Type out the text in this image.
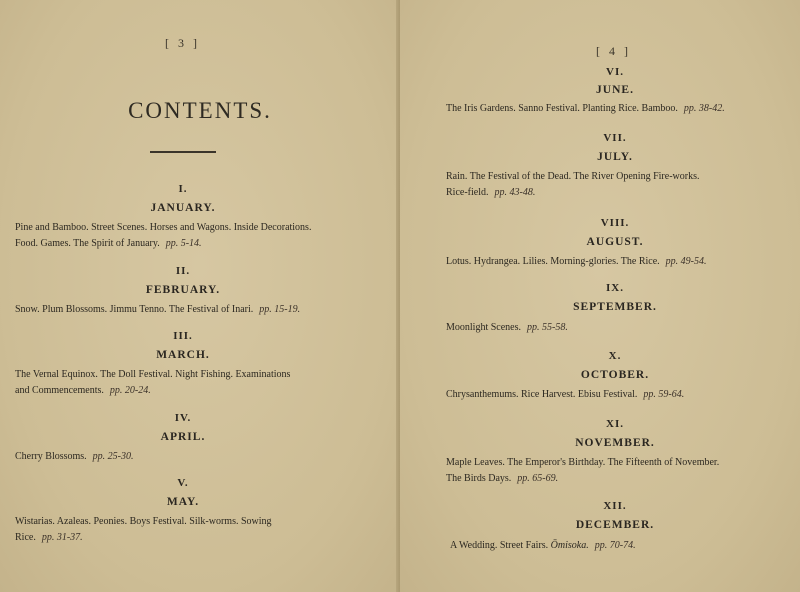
[ 3 ]
CONTENTS.
I.
JANUARY.
Pine and Bamboo. Street Scenes. Horses and Wagons. Inside Decorations.
Food. Games. The Spirit of January. pp. 5-14.
II.
FEBRUARY.
Snow. Plum Blossoms. Jimmu Tenno. The Festival of Inari. pp. 15-19.
III.
MARCH.
The Vernal Equinox. The Doll Festival. Night Fishing. Examinations
and Commencements. pp. 20-24.
IV.
APRIL.
Cherry Blossoms. pp. 25-30.
V.
MAY.
Wistarias. Azaleas. Peonies. Boys Festival. Silk-worms. Sowing
Rice. pp. 31-37.
[ 4 ]
VI.
JUNE.
The Iris Gardens. Sanno Festival. Planting Rice. Bamboo. pp. 38-42.
VII.
JULY.
Rain. The Festival of the Dead. The River Opening Fire-works.
Rice-field. pp. 43-48.
VIII.
AUGUST.
Lotus. Hydrangea. Lilies. Morning-glories. The Rice. pp. 49-54.
IX.
SEPTEMBER.
Moonlight Scenes. pp. 55-58.
X.
OCTOBER.
Chrysanthemums. Rice Harvest. Ebisu Festival. pp. 59-64.
XI.
NOVEMBER.
Maple Leaves. The Emperor's Birthday. The Fifteenth of November.
The Birds Days. pp. 65-69.
XII.
DECEMBER.
A Wedding. Street Fairs. Ōmisoka. pp. 70-74.
